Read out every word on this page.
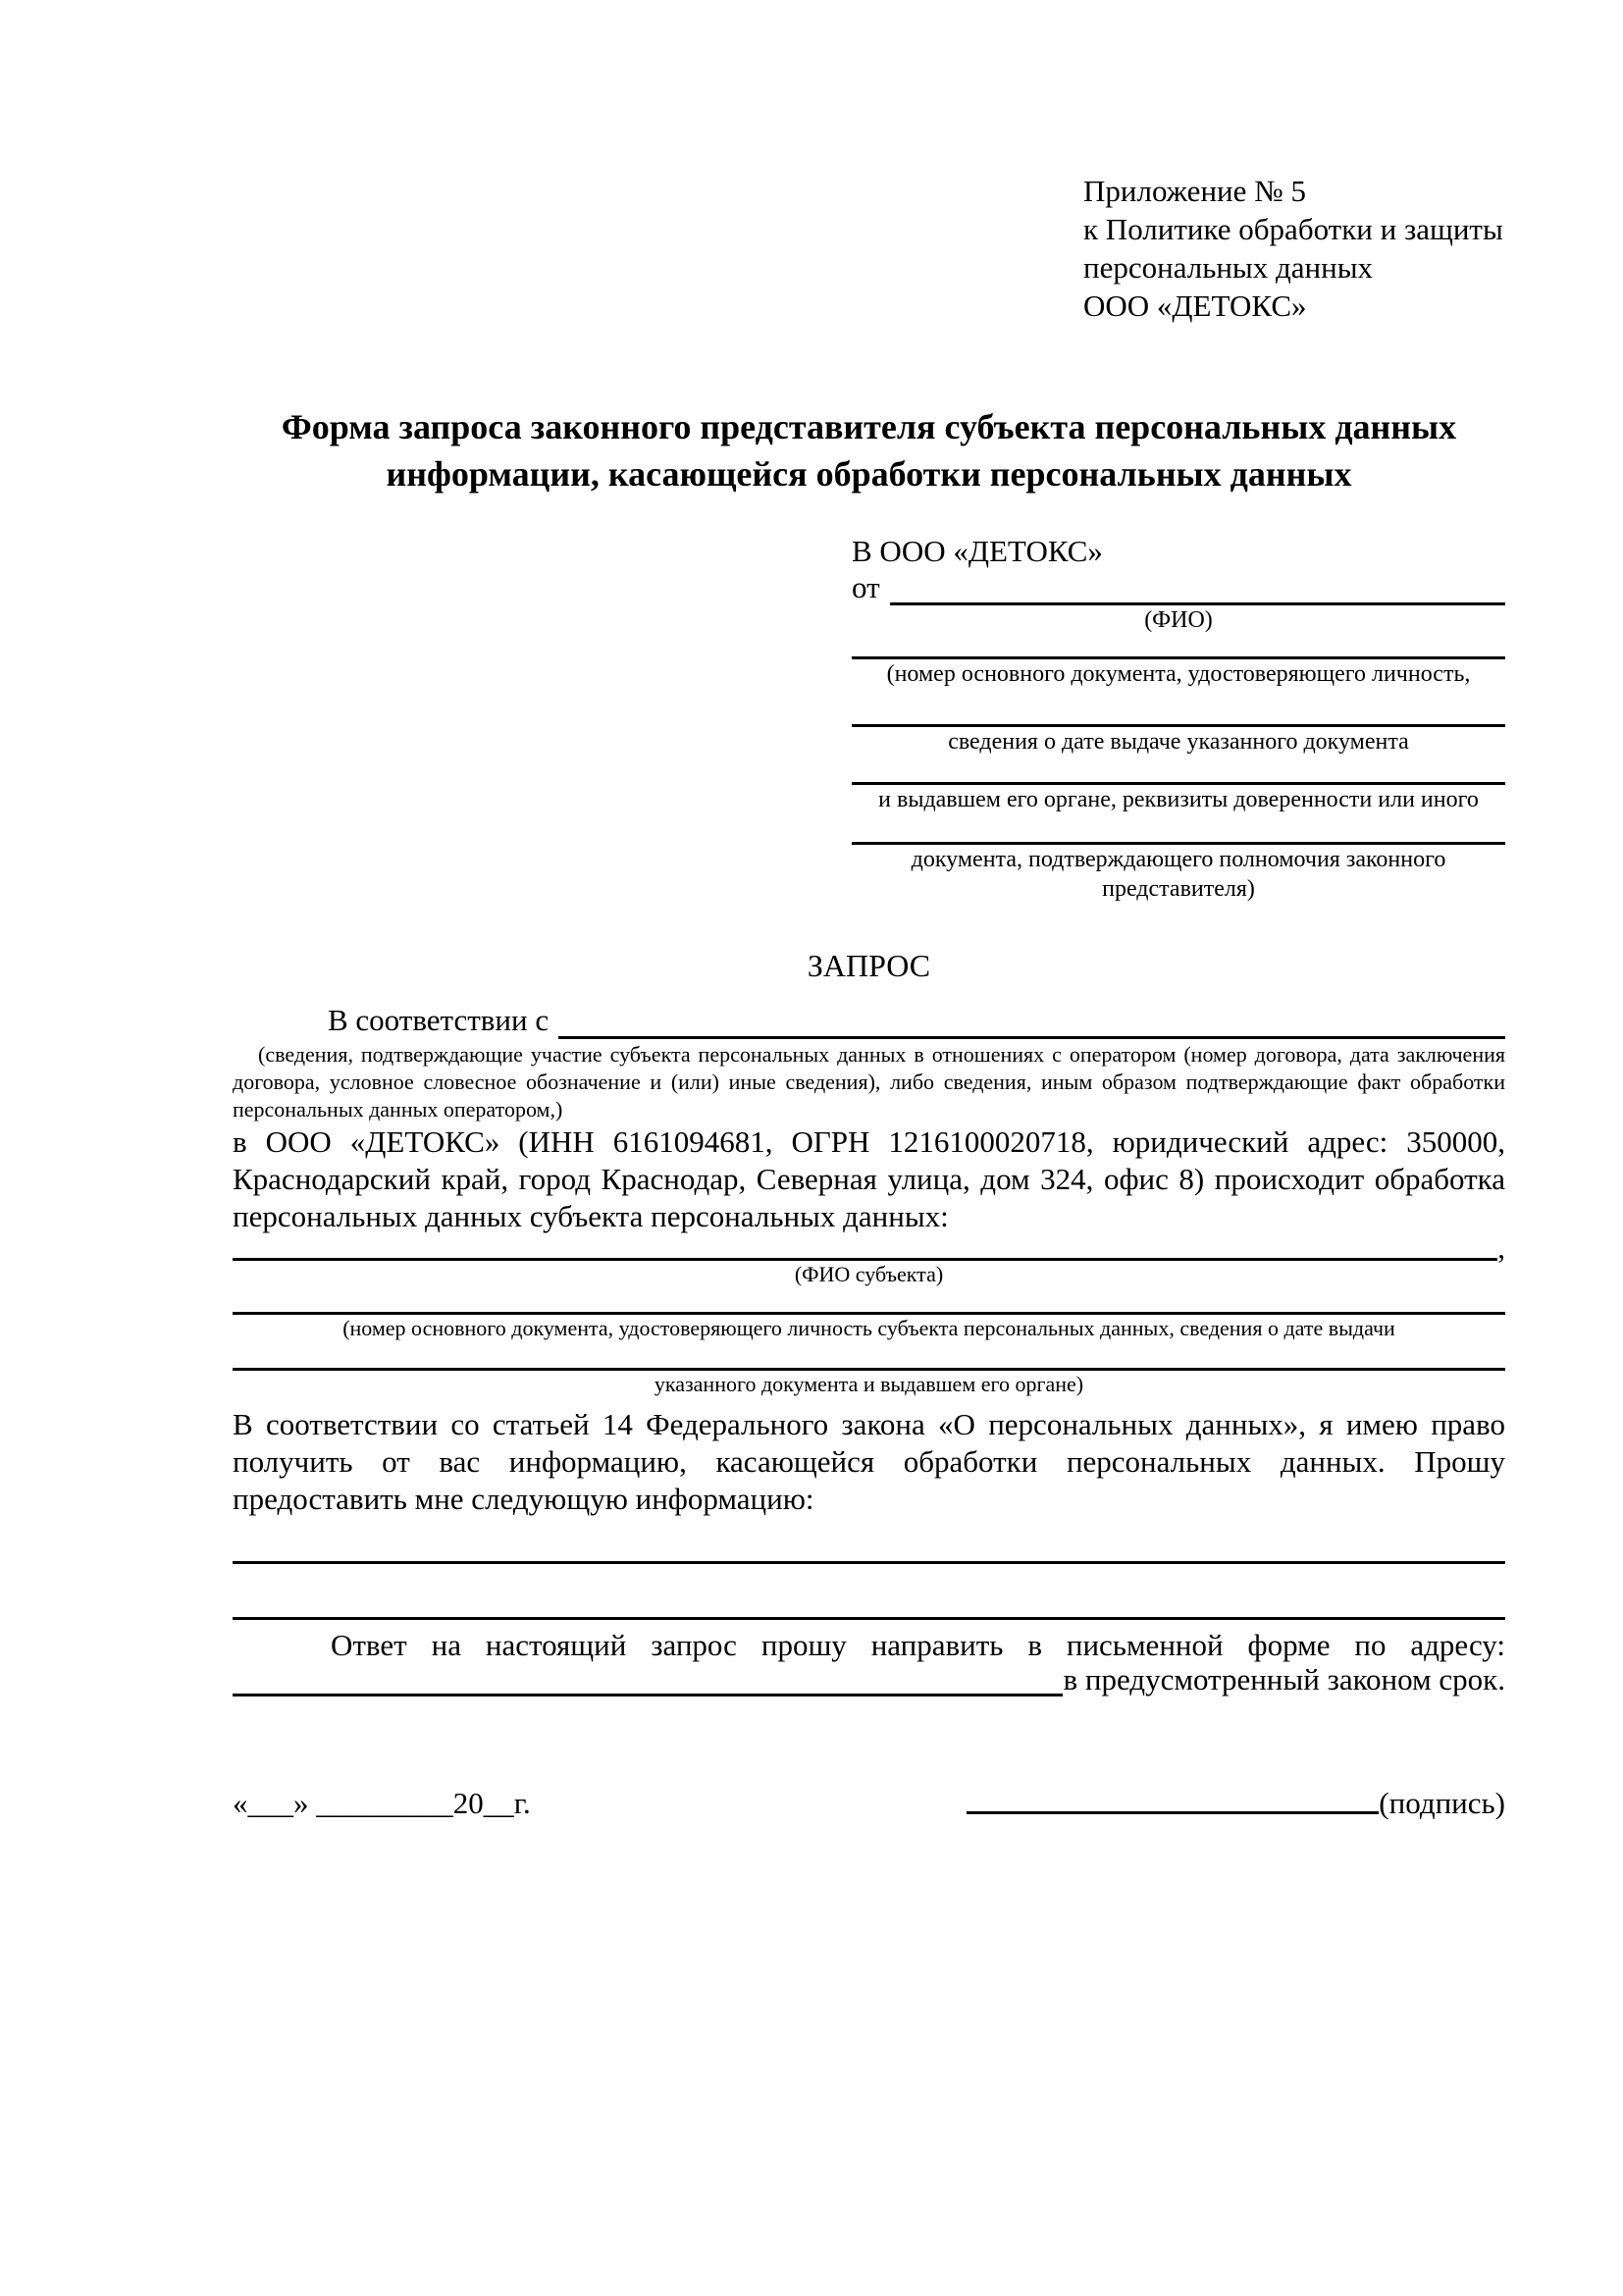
Приложение № 5
к Политике обработки и защиты
персональных данных
ООО «ДЕТОКС»
Форма запроса законного представителя субъекта персональных данных
информации, касающейся обработки персональных данных
В ООО «ДЕТОКС»
от
(ФИО)
(номер основного документа, удостоверяющего личность,
сведения о дате выдаче указанного документа
и выдавшем его органе, реквизиты доверенности или иного
документа, подтверждающего полномочия законного представителя)
ЗАПРОС
В соответствии с
(сведения, подтверждающие участие субъекта персональных данных в отношениях с оператором (номер договора, дата заключения договора, условное словесное обозначение и (или) иные сведения), либо сведения, иным образом подтверждающие факт обработки персональных данных оператором,)
в ООО «ДЕТОКС» (ИНН 6161094681, ОГРН 1216100020718, юридический адрес: 350000, Краснодарский край, город Краснодар, Северная улица, дом 324, офис 8) происходит обработка персональных данных субъекта персональных данных:
,
(ФИО субъекта)
(номер основного документа, удостоверяющего личность субъекта персональных данных, сведения о дате выдачи
указанного документа и выдавшем его органе)
В соответствии со статьей 14 Федерального закона «О персональных данных», я имею право получить от вас информацию, касающейся обработки персональных данных. Прошу предоставить мне следующую информацию:
Ответ на настоящий запрос прошу направить в письменной форме по адресу:
в предусмотренный законом срок.
«___» _________20__г.	(подпись)
